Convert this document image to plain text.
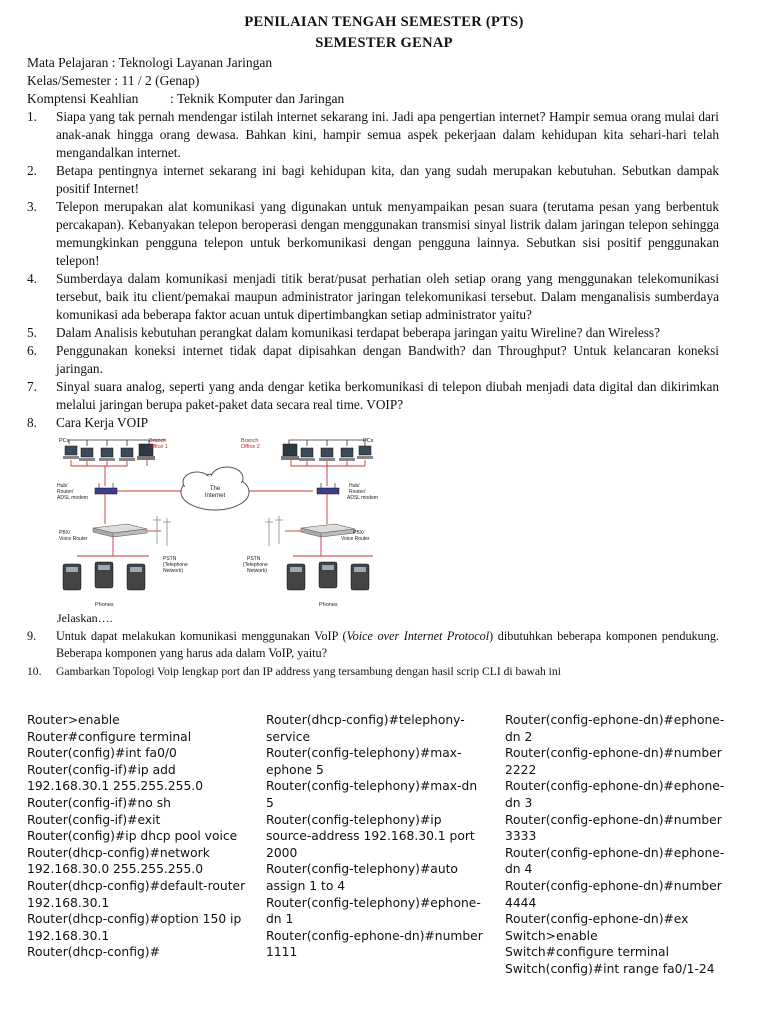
PENILAIAN TENGAH SEMESTER (PTS)
SEMESTER GENAP
Mata Pelajaran : Teknologi Layanan Jaringan
Kelas/Semester : 11 / 2 (Genap)
Komptensi Keahlian : Teknik Komputer dan Jaringan
1.	Siapa yang tak pernah mendengar istilah internet sekarang ini. Jadi apa pengertian internet? Hampir semua orang mulai dari anak-anak hingga orang dewasa. Bahkan kini, hampir semua aspek pekerjaan dalam kehidupan kita sehari-hari telah mengandalkan internet.
2.	Betapa pentingnya internet sekarang ini bagi kehidupan kita, dan yang sudah merupakan kebutuhan. Sebutkan dampak positif Internet!
3.	Telepon merupakan alat komunikasi yang digunakan untuk menyampaikan pesan suara (terutama pesan yang berbentuk percakapan). Kebanyakan telepon beroperasi dengan menggunakan transmisi sinyal listrik dalam jaringan telepon sehingga memungkinkan pengguna telepon untuk berkomunikasi dengan pengguna lainnya. Sebutkan sisi positif penggunakan telepon!
4.	Sumberdaya dalam komunikasi menjadi titik berat/pusat perhatian oleh setiap orang yang menggunakan telekomunikasi tersebut, baik itu client/pemakai maupun administrator jaringan telekomunikasi tersebut. Dalam menganalisis sumberdaya komunikasi ada beberapa faktor acuan untuk dipertimbangkan setiap administrator yaitu?
5.	Dalam Analisis kebutuhan perangkat dalam komunikasi terdapat beberapa jaringan yaitu Wireline? dan Wireless?
6.	Penggunakan koneksi internet tidak dapat dipisahkan dengan Bandwith? dan Throughput? Untuk kelancaran koneksi jaringan.
7.	Sinyal suara analog, seperti yang anda dengar ketika berkomunikasi di telepon diubah menjadi data digital dan dikirimkan melalui jaringan berupa paket-paket data secara real time. VOIP?
8.	Cara Kerja VOIP
The
Internet
PCs	Branch
Office 1
Hub/
Router/
ADSL modem
PBX/
Voice Router
PSTN
(Telephone
Network)
Phones
Branch
Office 2
PCs
Hub/
Router/
ADSL modem
PBX/
Voice Router
PSTN
(Telephone
Network)
Phones
Jelaskan….
9.	Untuk dapat melakukan komunikasi menggunakan VoIP (Voice over Internet Protocol) dibutuhkan beberapa komponen pendukung. Beberapa komponen yang harus ada dalam VoIP, yaitu?
10.	Gambarkan Topologi Voip lengkap port dan IP address yang tersambung dengan hasil scrip CLI di bawah ini
Router>enable
Router#configure terminal
Router(config)#int fa0/0
Router(config-if)#ip add
192.168.30.1 255.255.255.0
Router(config-if)#no sh
Router(config-if)#exit
Router(config)#ip dhcp pool voice
Router(dhcp-config)#network
192.168.30.0 255.255.255.0
Router(dhcp-config)#default-router
192.168.30.1
Router(dhcp-config)#option 150 ip
192.168.30.1
Router(dhcp-config)#
Router(dhcp-config)#telephony-
service
Router(config-telephony)#max-
ephone 5
Router(config-telephony)#max-dn
5
Router(config-telephony)#ip
source-address 192.168.30.1 port
2000
Router(config-telephony)#auto
assign 1 to 4
Router(config-telephony)#ephone-
dn 1
Router(config-ephone-dn)#number
1111
Router(config-ephone-dn)#ephone-
dn 2
Router(config-ephone-dn)#number
2222
Router(config-ephone-dn)#ephone-
dn 3
Router(config-ephone-dn)#number
3333
Router(config-ephone-dn)#ephone-
dn 4
Router(config-ephone-dn)#number
4444
Router(config-ephone-dn)#ex
Switch>enable
Switch#configure terminal
Switch(config)#int range fa0/1-24
